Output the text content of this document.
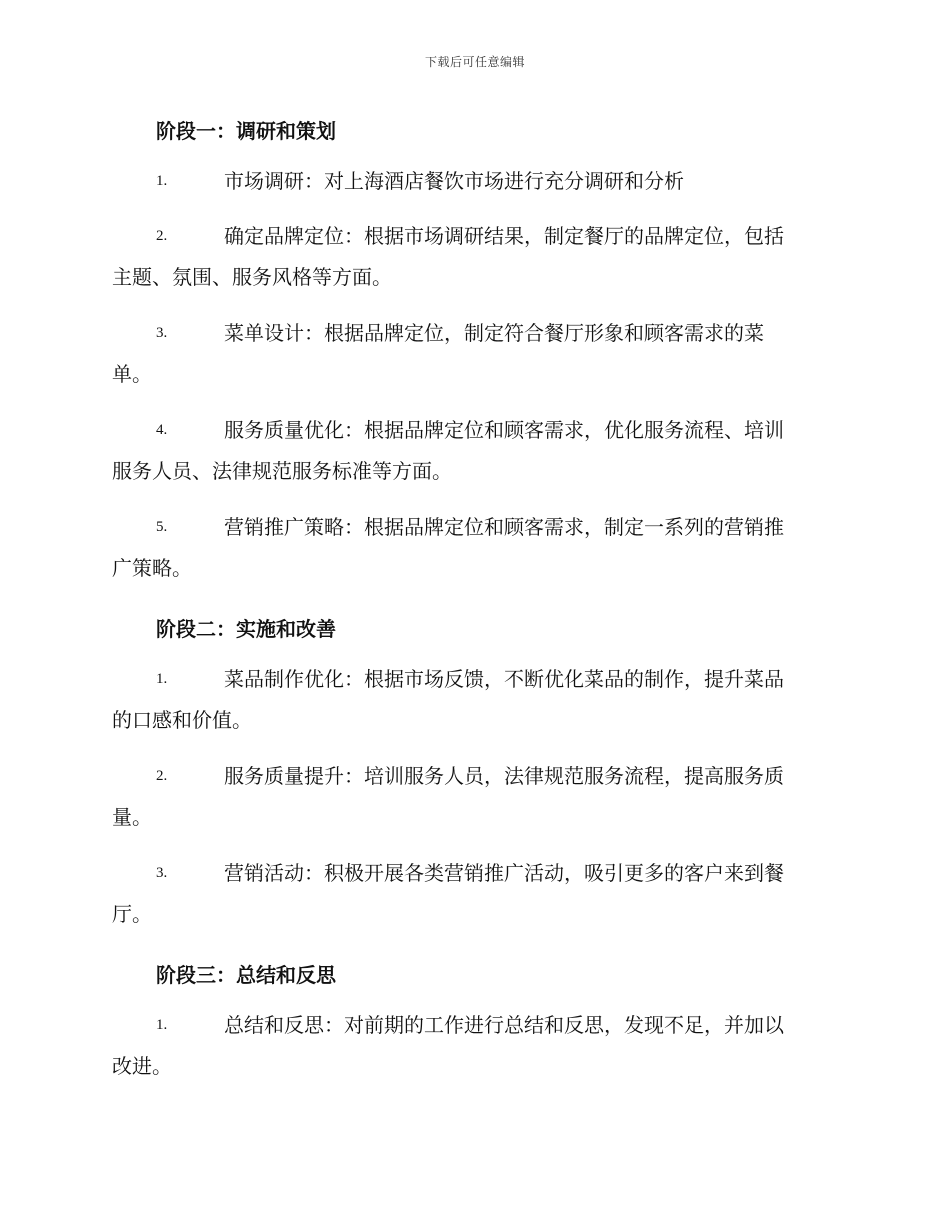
下载后可任意编辑
阶段一：调研和策划
1.	市场调研：对上海酒店餐饮市场进行充分调研和分析
2.	确定品牌定位：根据市场调研结果，制定餐厅的品牌定位，包括
主题、氛围、服务风格等方面。
3.	菜单设计：根据品牌定位，制定符合餐厅形象和顾客需求的菜
单。
4.	服务质量优化：根据品牌定位和顾客需求，优化服务流程、培训
服务人员、法律规范服务标准等方面。
5.	营销推广策略：根据品牌定位和顾客需求，制定一系列的营销推
广策略。
阶段二：实施和改善
1.	菜品制作优化：根据市场反馈，不断优化菜品的制作，提升菜品
的口感和价值。
2.	服务质量提升：培训服务人员，法律规范服务流程，提高服务质
量。
3.	营销活动：积极开展各类营销推广活动，吸引更多的客户来到餐
厅。
阶段三：总结和反思
1.	总结和反思：对前期的工作进行总结和反思，发现不足，并加以
改进。
